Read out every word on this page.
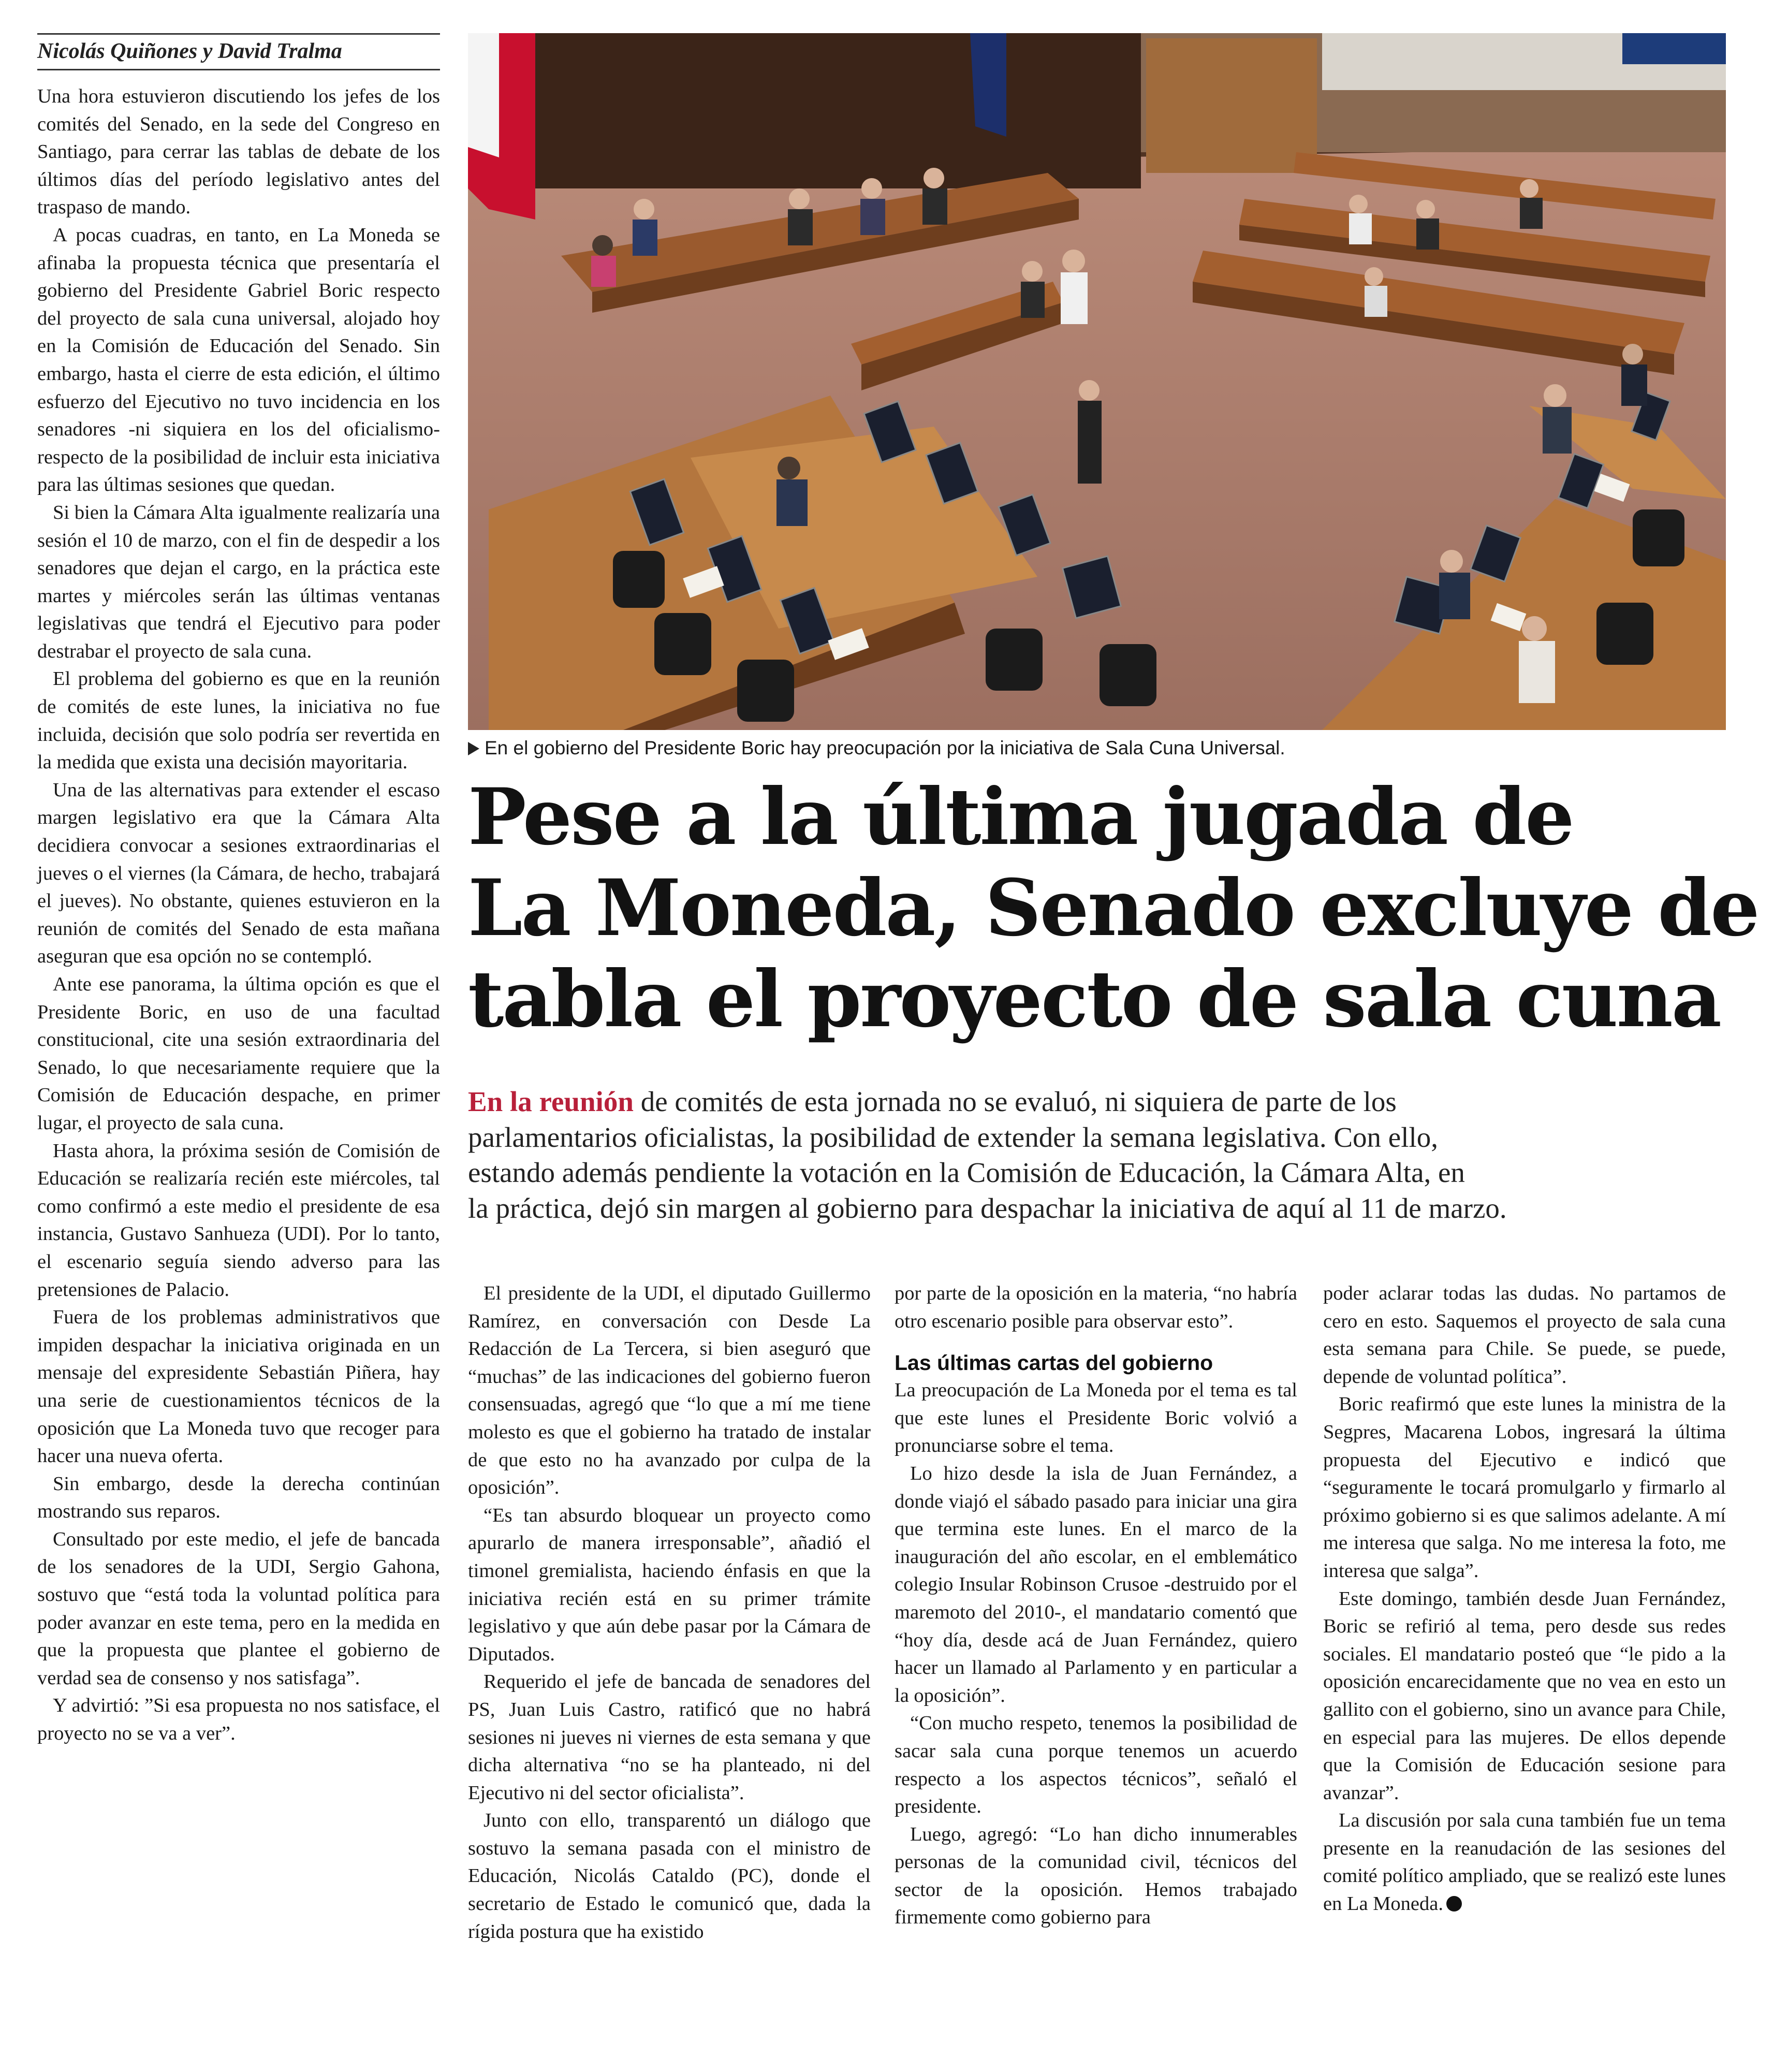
Nicolás Quiñones y David Tralma

Una hora estuvieron discutiendo los jefes de los comités del Senado, en la sede del Congreso en Santiago, para cerrar las tablas de debate de los últimos días del período legislativo antes del traspaso de mando.

A pocas cuadras, en tanto, en La Moneda se afinaba la propuesta técnica que presentaría el gobierno del Presidente Gabriel Boric respecto del proyecto de sala cuna universal, alojado hoy en la Comisión de Educación del Senado. Sin embargo, hasta el cierre de esta edición, el último esfuerzo del Ejecutivo no tuvo incidencia en los senadores -ni siquiera en los del oficialismo- respecto de la posibilidad de incluir esta iniciativa para las últimas sesiones que quedan.

Si bien la Cámara Alta igualmente realizaría una sesión el 10 de marzo, con el fin de despedir a los senadores que dejan el cargo, en la práctica este martes y miércoles serán las últimas ventanas legislativas que tendrá el Ejecutivo para poder destrabar el proyecto de sala cuna.

El problema del gobierno es que en la reunión de comités de este lunes, la iniciativa no fue incluida, decisión que solo podría ser revertida en la medida que exista una decisión mayoritaria.

Una de las alternativas para extender el escaso margen legislativo era que la Cámara Alta decidiera convocar a sesiones extraordinarias el jueves o el viernes (la Cámara, de hecho, trabajará el jueves). No obstante, quienes estuvieron en la reunión de comités del Senado de esta mañana aseguran que esa opción no se contempló.

Ante ese panorama, la última opción es que el Presidente Boric, en uso de una facultad constitucional, cite una sesión extraordinaria del Senado, lo que necesariamente requiere que la Comisión de Educación despache, en primer lugar, el proyecto de sala cuna.

Hasta ahora, la próxima sesión de Comisión de Educación se realizaría recién este miércoles, tal como confirmó a este medio el presidente de esa instancia, Gustavo Sanhueza (UDI). Por lo tanto, el escenario seguía siendo adverso para las pretensiones de Palacio.

Fuera de los problemas administrativos que impiden despachar la iniciativa originada en un mensaje del expresidente Sebastián Piñera, hay una serie de cuestionamientos técnicos de la oposición que La Moneda tuvo que recoger para hacer una nueva oferta.

Sin embargo, desde la derecha continúan mostrando sus reparos.

Consultado por este medio, el jefe de bancada de los senadores de la UDI, Sergio Gahona, sostuvo que “está toda la voluntad política para poder avanzar en este tema, pero en la medida en que la propuesta que plantee el gobierno de verdad sea de consenso y nos satisfaga”.

Y advirtió: ”Si esa propuesta no nos satisface, el proyecto no se va a ver”.

En el gobierno del Presidente Boric hay preocupación por la iniciativa de Sala Cuna Universal.
Pese a la última jugada de
La Moneda, Senado excluye de
tabla el proyecto de sala cuna
En la reunión de comités de esta jornada no se evaluó, ni siquiera de parte de los
parlamentarios oficialistas, la posibilidad de extender la semana legislativa. Con ello,
estando además pendiente la votación en la Comisión de Educación, la Cámara Alta, en
la práctica, dejó sin margen al gobierno para despachar la iniciativa de aquí al 11 de marzo.

El presidente de la UDI, el diputado Guillermo Ramírez, en conversación con Desde La Redacción de La Tercera, si bien aseguró que “muchas” de las indicaciones del gobierno fueron consensuadas, agregó que “lo que a mí me tiene molesto es que el gobierno ha tratado de instalar de que esto no ha avanzado por culpa de la oposición”.

“Es tan absurdo bloquear un proyecto como apurarlo de manera irresponsable”, añadió el timonel gremialista, haciendo énfasis en que la iniciativa recién está en su primer trámite legislativo y que aún debe pasar por la Cámara de Diputados.

Requerido el jefe de bancada de senadores del PS, Juan Luis Castro, ratificó que no habrá sesiones ni jueves ni viernes de esta semana y que dicha alternativa “no se ha planteado, ni del Ejecutivo ni del sector oficialista”.

Junto con ello, transparentó un diálogo que sostuvo la semana pasada con el ministro de Educación, Nicolás Cataldo (PC), donde el secretario de Estado le comunicó que, dada la rígida postura que ha existido

por parte de la oposición en la materia, “no habría otro escenario posible para observar esto”.

Las últimas cartas del gobierno

La preocupación de La Moneda por el tema es tal que este lunes el Presidente Boric volvió a pronunciarse sobre el tema.

Lo hizo desde la isla de Juan Fernández, a donde viajó el sábado pasado para iniciar una gira que termina este lunes. En el marco de la inauguración del año escolar, en el emblemático colegio Insular Robinson Crusoe -destruido por el maremoto del 2010-, el mandatario comentó que “hoy día, desde acá de Juan Fernández, quiero hacer un llamado al Parlamento y en particular a la oposición”.

“Con mucho respeto, tenemos la posibilidad de sacar sala cuna porque tenemos un acuerdo respecto a los aspectos técnicos”, señaló el presidente.

Luego, agregó: “Lo han dicho innumerables personas de la comunidad civil, técnicos del sector de la oposición. Hemos trabajado firmemente como gobierno para

poder aclarar todas las dudas. No partamos de cero en esto. Saquemos el proyecto de sala cuna esta semana para Chile. Se puede, se puede, depende de voluntad política”.

Boric reafirmó que este lunes la ministra de la Segpres, Macarena Lobos, ingresará la última propuesta del Ejecutivo e indicó que “seguramente le tocará promulgarlo y firmarlo al próximo gobierno si es que salimos adelante. A mí me interesa que salga. No me interesa la foto, me interesa que salga”.

Este domingo, también desde Juan Fernández, Boric se refirió al tema, pero desde sus redes sociales. El mandatario posteó que “le pido a la oposición encarecidamente que no vea en esto un gallito con el gobierno, sino un avance para Chile, en especial para las mujeres. De ellos depende que la Comisión de Educación sesione para avanzar”.

La discusión por sala cuna también fue un tema presente en la reanudación de las sesiones del comité político ampliado, que se realizó este lunes en La Moneda.
